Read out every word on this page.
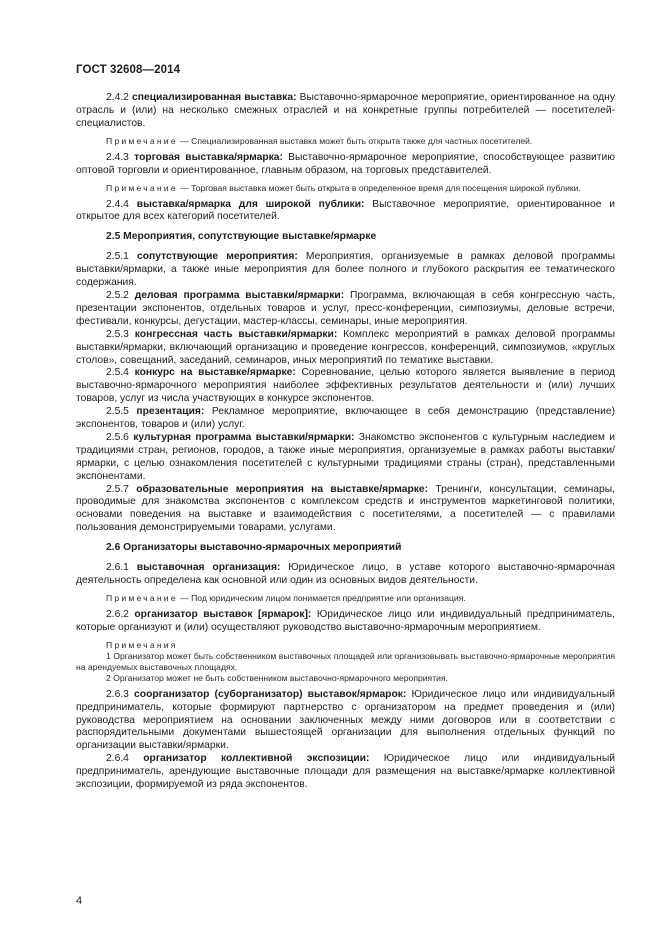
ГОСТ 32608—2014

2.4.2 специализированная выставка: Выставочно-ярмарочное мероприятие, ориентированное на одну отрасль и (или) на несколько смежных отраслей и на конкретные группы потребителей — посетителей-специалистов.

Примечание — Специализированная выставка может быть открыта также для частных посетителей.

2.4.3 торговая выставка/ярмарка: Выставочно-ярмарочное мероприятие, способствующее развитию оптовой торговли и ориентированное, главным образом, на торговых представителей.

Примечание — Торговая выставка может быть открыта в определенное время для посещения широкой публики.

2.4.4 выставка/ярмарка для широкой публики: Выставочное мероприятие, ориентированное и открытое для всех категорий посетителей.

2.5 Мероприятия, сопутствующие выставке/ярмарке

2.5.1 сопутствующие мероприятия: Мероприятия, организуемые в рамках деловой программы выставки/ярмарки, а также иные мероприятия для более полного и глубокого раскрытия ее тематического содержания.

2.5.2 деловая программа выставки/ярмарки: Программа, включающая в себя конгрессную часть, презентации экспонентов, отдельных товаров и услуг, пресс-конференции, симпозиумы, деловые встречи, фестивали, конкурсы, дегустации, мастер-классы, семинары, иные мероприятия.

2.5.3 конгрессная часть выставки/ярмарки: Комплекс мероприятий в рамках деловой программы выставки/ярмарки, включающий организацию и проведение конгрессов, конференций, симпозиумов, «круглых столов», совещаний, заседаний, семинаров, иных мероприятий по тематике выставки.

2.5.4 конкурс на выставке/ярмарке: Соревнование, целью которого является выявление в период выставочно-ярмарочного мероприятия наиболее эффективных результатов деятельности и (или) лучших товаров, услуг из числа участвующих в конкурсе экспонентов.

2.5.5 презентация: Рекламное мероприятие, включающее в себя демонстрацию (представление) экспонентов, товаров и (или) услуг.

2.5.6 культурная программа выставки/ярмарки: Знакомство экспонентов с культурным наследием и традициями стран, регионов, городов, а также иные мероприятия, организуемые в рамках работы выставки/ярмарки, с целью ознакомления посетителей с культурными традициями страны (стран), представленными экспонентами.

2.5.7 образовательные мероприятия на выставке/ярмарке: Тренинги, консультации, семинары, проводимые для знакомства экспонентов с комплексом средств и инструментов маркетинговой политики, основами поведения на выставке и взаимодействия с посетителями, а посетителей — с правилами пользования демонстрируемыми товарами, услугами.

2.6 Организаторы выставочно-ярмарочных мероприятий

2.6.1 выставочная организация: Юридическое лицо, в уставе которого выставочно-ярмарочная деятельность определена как основной или один из основных видов деятельности.

Примечание — Под юридическим лицом понимается предприятие или организация.

2.6.2 организатор выставок [ярмарок]: Юридическое лицо или индивидуальный предприниматель, которые организуют и (или) осуществляют руководство выставочно-ярмарочным мероприятием.

Примечания

1 Организатор может быть собственником выставочных площадей или организовывать выставочно-ярмарочные мероприятия на арендуемых выставочных площадях.

2 Организатор может не быть собственником выставочно-ярмарочного мероприятия.

2.6.3 соорганизатор (суборганизатор) выставок/ярмарок: Юридическое лицо или индивидуальный предприниматель, которые формируют партнерство с организатором на предмет проведения и (или) руководства мероприятием на основании заключенных между ними договоров или в соответствии с распорядительными документами вышестоящей организации для выполнения отдельных функций по организации выставки/ярмарки.

2.6.4 организатор коллективной экспозиции: Юридическое лицо или индивидуальный предприниматель, арендующие выставочные площади для размещения на выставке/ярмарке коллективной экспозиции, формируемой из ряда экспонентов.

4
